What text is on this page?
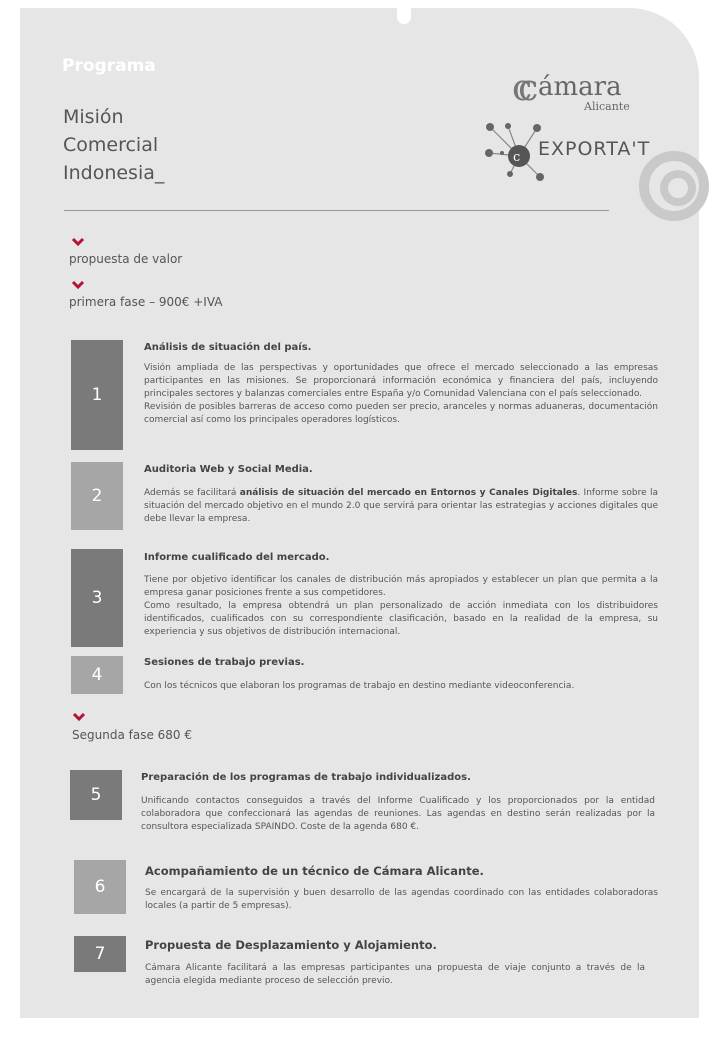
Programa
Misión
Comercial
Indonesia_
cc ámara
Alicante
c EXPORTA'T
propuesta de valor
primera fase – 900€ +IVA
1
Análisis de situación del país.

Visión ampliada de las perspectivas y oportunidades que ofrece el mercado seleccionado a las empresas participantes en las misiones. Se proporcionará información económica y financiera del país, incluyendo principales sectores y balanzas comerciales entre España y/o Comunidad Valenciana con el país seleccionado.

Revisión de posibles barreras de acceso como pueden ser precio, aranceles y normas aduaneras, documentación comercial así como los principales operadores logísticos.

2
Auditoria Web y Social Media.
Además se facilitará análisis de situación del mercado en Entornos y Canales Digitales. Informe sobre la situación del mercado objetivo en el mundo 2.0 que servirá para orientar las estrategias y acciones digitales que debe llevar la empresa.
3
Informe cualificado del mercado.

Tiene por objetivo identificar los canales de distribución más apropiados y establecer un plan que permita a la empresa ganar posiciones frente a sus competidores.

Como resultado, la empresa obtendrá un plan personalizado de acción inmediata con los distribuidores identificados, cualificados con su correspondiente clasificación, basado en la realidad de la empresa, su experiencia y sus objetivos de distribución internacional.

4
Sesiones de trabajo previas.
Con los técnicos que elaboran los programas de trabajo en destino mediante videoconferencia.
Segunda fase 680 €
5
Preparación de los programas de trabajo individualizados.
Unificando contactos conseguidos a través del Informe Cualificado y los proporcionados por la entidad colaboradora que confeccionará las agendas de reuniones. Las agendas en destino serán realizadas por la consultora especializada SPAINDO. Coste de la agenda 680 €.
6
Acompañamiento de un técnico de Cámara Alicante.
Se encargará de la supervisión y buen desarrollo de las agendas coordinado con las entidades colaboradoras locales (a partir de 5 empresas).
7	Propuesta de Desplazamiento y Alojamiento.
Cámara Alicante facilitará a las empresas participantes una propuesta de viaje conjunto a través de la agencia elegida mediante proceso de selección previo.
